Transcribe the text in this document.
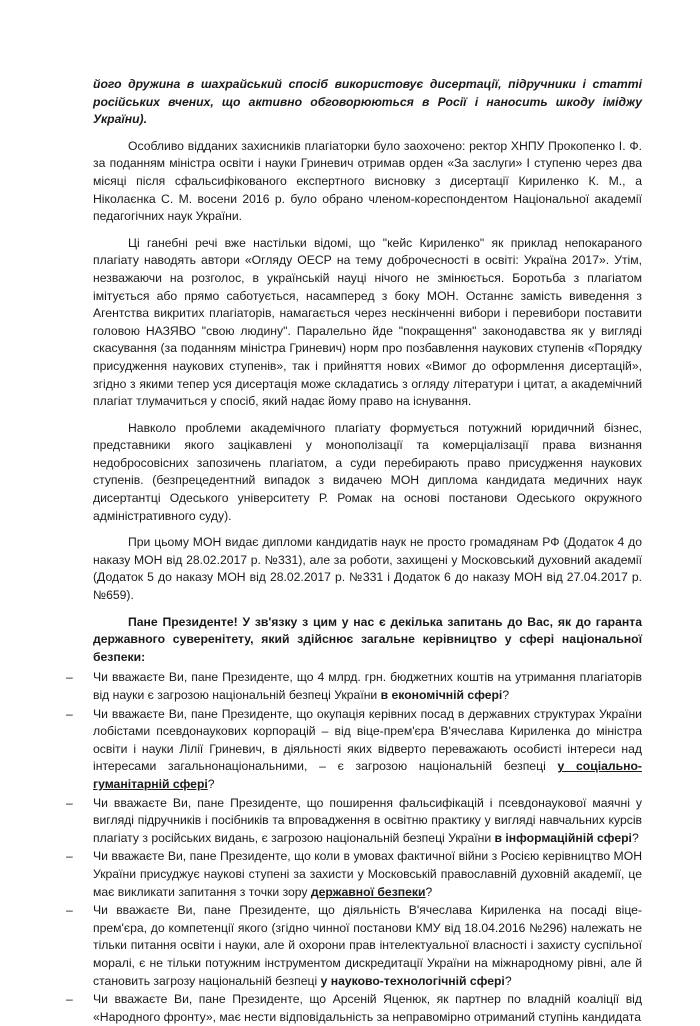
його дружина в шахрайський спосіб використовує дисертації, підручники і статті російських вчених, що активно обговорюються в Росії і наносить шкоду іміджу України).

Особливо відданих захисників плагіаторки було заохочено: ректор ХНПУ Прокопенко І. Ф. за поданням міністра освіти і науки Гриневич отримав орден «За заслуги» І ступеню через два місяці після сфальсифікованого експертного висновку з дисертації Кириленко К. М., а Ніколаєнка С. М. восени 2016 р. було обрано членом-кореспондентом Національної академії педагогічних наук України.

Ці ганебні речі вже настільки відомі, що "кейс Кириленко" як приклад непокараного плагіату наводять автори «Огляду ОЕСР на тему доброчесності в освіті: Україна 2017». Утім, незважаючи на розголос, в українській науці нічого не змінюється. Боротьба з плагіатом імітується або прямо саботується, насамперед з боку МОН. Останнє замість виведення з Агентства викритих плагіаторів, намагається через нескінченні вибори і перевибори поставити головою НАЗЯВО "свою людину". Паралельно йде "покращення" законодавства як у вигляді скасування (за поданням міністра Гриневич) норм про позбавлення наукових ступенів «Порядку присудження наукових ступенів», так і прийняття нових «Вимог до оформлення дисертацій», згідно з якими тепер уся дисертація може складатись з огляду літератури і цитат, а академічний плагіат тлумачиться у спосіб, який надає йому право на існування.

Навколо проблеми академічного плагіату формується потужний юридичний бізнес, представники якого зацікавлені у монополізації та комерціалізації права визнання недобросовісних запозичень плагіатом, а суди перебирають право присудження наукових ступенів. (безпрецедентний випадок з видачею МОН диплома кандидата медичних наук дисертантці Одеського університету Р. Ромак на основі постанови Одеського окружного адміністративного суду).

При цьому МОН видає дипломи кандидатів наук не просто громадянам РФ (Додаток 4 до наказу МОН від 28.02.2017 р. №331), але за роботи, захищені у Московський духовний академії (Додаток 5 до наказу МОН від 28.02.2017 р. №331 і Додаток 6 до наказу МОН від 27.04.2017 р. №659).

Пане Президенте! У зв'язку з цим у нас є декілька запитань до Вас, як до гаранта державного суверенітету, який здійснює загальне керівництво у сфері національної безпеки:

– Чи вважаєте Ви, пане Президенте, що 4 млрд. грн. бюджетних коштів на утримання плагіаторів від науки є загрозою національній безпеці України в економічній сфері?
– Чи вважаєте Ви, пане Президенте, що окупація керівних посад в державних структурах України лобістами псевдонаукових корпорацій – від віце-прем'єра В'ячеслава Кириленка до міністра освіти і науки Лілії Гриневич, в діяльності яких відверто переважають особисті інтереси над інтересами загальнонаціональними, – є загрозою національній безпеці у соціально-гуманітарній сфері?
– Чи вважаєте Ви, пане Президенте, що поширення фальсифікацій і псевдонаукової маячні у вигляді підручників і посібників та впровадження в освітню практику у вигляді навчальних курсів плагіату з російських видань, є загрозою національній безпеці України в інформаційній сфері?
– Чи вважаєте Ви, пане Президенте, що коли в умовах фактичної війни з Росією керівництво МОН України присуджує наукові ступені за захисти у Московській православній духовній академії, це має викликати запитання з точки зору державної безпеки?
– Чи вважаєте Ви, пане Президенте, що діяльність В'ячеслава Кириленка на посаді віце-прем'єра, до компетенції якого (згідно чинної постанови КМУ від 18.04.2016 №296) належать не тільки питання освіти і науки, але й охорони прав інтелектуальної власності і захисту суспільної моралі, є не тільки потужним інструментом дискредитації України на міжнародному рівні, але й становить загрозу національній безпеці у науково-технологічній сфері?
– Чи вважаєте Ви, пане Президенте, що Арсеній Яценюк, як партнер по владній коаліції від «Народного фронту», має нести відповідальність за неправомірно отриманий ступінь кандидата
